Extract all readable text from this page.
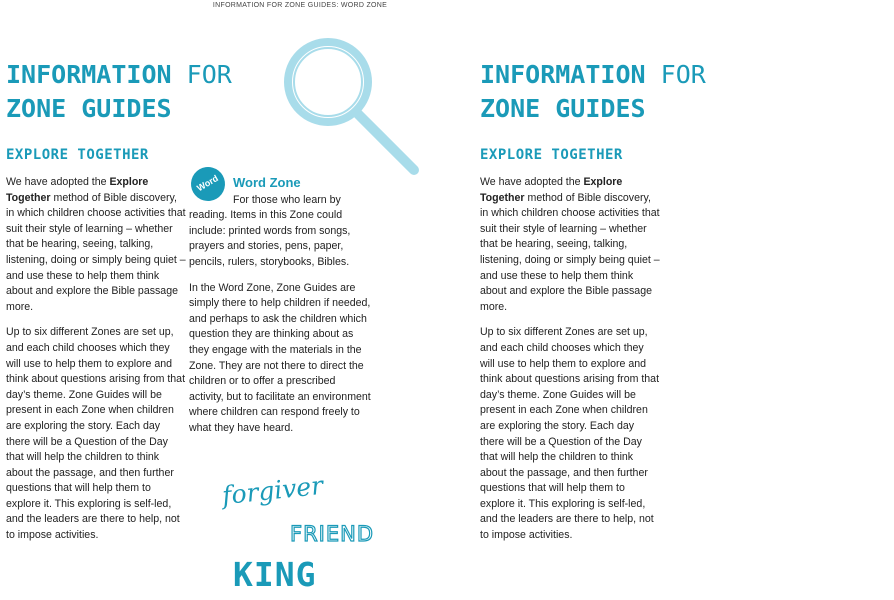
INFORMATION FOR ZONE GUIDES: WORD ZONE
INFORMATION FOR
ZONE GUIDES
EXPLORE TOGETHER

We have adopted the Explore Together method of Bible discovery, in which children choose activities that suit their style of learning – whether that be hearing, seeing, talking, listening, doing or simply being quiet – and use these to help them think about and explore the Bible passage more.

Up to six different Zones are set up, and each child chooses which they will use to help them to explore and think about questions arising from that day’s theme. Zone Guides will be present in each Zone when children are exploring the story. Each day there will be a Question of the Day that will help the children to think about the passage, and then further questions that will help them to explore it. This exploring is self-led, and the leaders are there to help, not to impose activities.

Word	Word Zone
For those who learn by

reading. Items in this Zone could include: printed words from songs, prayers and stories, pens, paper, pencils, rulers, storybooks, Bibles.

In the Word Zone, Zone Guides are simply there to help children if needed, and perhaps to ask the children which question they are thinking about as they engage with the materials in the Zone. They are not there to direct the children or to offer a prescribed activity, but to facilitate an environment where children can respond freely to what they have heard.

forgiver
FRIEND
KING
INFORMATION FOR
ZONE GUIDES
EXPLORE TOGETHER

We have adopted the Explore Together method of Bible discovery, in which children choose activities that suit their style of learning – whether that be hearing, seeing, talking, listening, doing or simply being quiet – and use these to help them think about and explore the Bible passage more.

Up to six different Zones are set up, and each child chooses which they will use to help them to explore and think about questions arising from that day’s theme. Zone Guides will be present in each Zone when children are exploring the story. Each day there will be a Question of the Day that will help the children to think about the passage, and then further questions that will help them to explore it. This exploring is self-led, and the leaders are there to help, not to impose activities.
